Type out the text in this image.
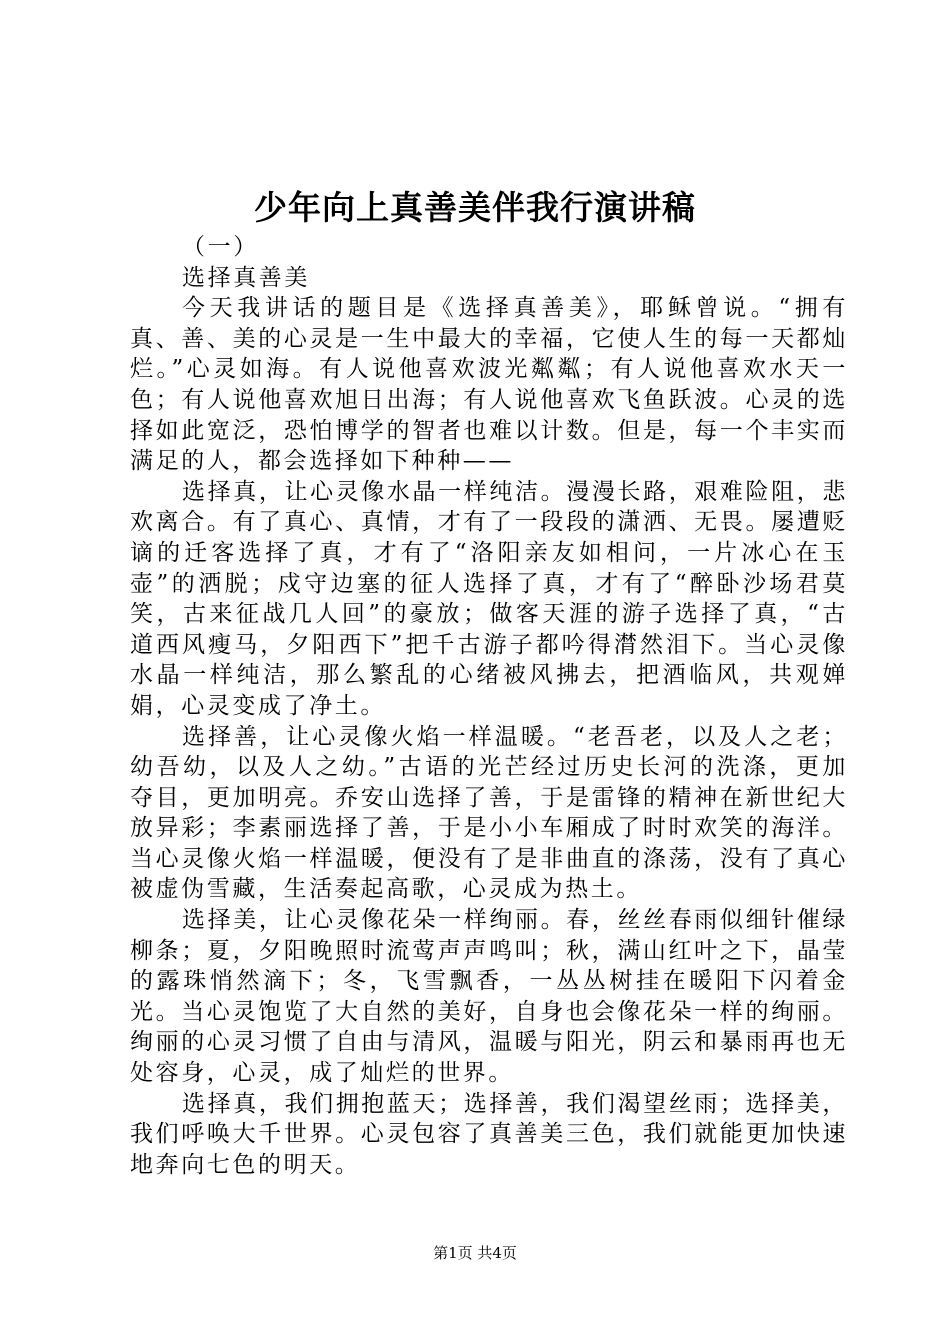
少年向上真善美伴我行演讲稿

（一）

选择真善美

今天我讲话的题目是《选择真善美》，耶稣曾说。“拥有真、善、美的心灵是一生中最大的幸福，它使人生的每一天都灿烂。”心灵如海。有人说他喜欢波光粼粼；有人说他喜欢水天一色；有人说他喜欢旭日出海；有人说他喜欢飞鱼跃波。心灵的选择如此宽泛，恐怕博学的智者也难以计数。但是，每一个丰实而满足的人，都会选择如下种种——

选择真，让心灵像水晶一样纯洁。漫漫长路，艰难险阻，悲欢离合。有了真心、真情，才有了一段段的潇洒、无畏。屡遭贬谪的迁客选择了真，才有了“洛阳亲友如相问，一片冰心在玉壶”的洒脱；戍守边塞的征人选择了真，才有了“醉卧沙场君莫笑，古来征战几人回”的豪放；做客天涯的游子选择了真，“古道西风瘦马，夕阳西下”把千古游子都吟得潸然泪下。当心灵像水晶一样纯洁，那么繁乱的心绪被风拂去，把酒临风，共观婵娟，心灵变成了净土。

选择善，让心灵像火焰一样温暖。“老吾老，以及人之老；幼吾幼，以及人之幼。”古语的光芒经过历史长河的洗涤，更加夺目，更加明亮。乔安山选择了善，于是雷锋的精神在新世纪大放异彩；李素丽选择了善，于是小小车厢成了时时欢笑的海洋。当心灵像火焰一样温暖，便没有了是非曲直的涤荡，没有了真心被虚伪雪藏，生活奏起高歌，心灵成为热土。

选择美，让心灵像花朵一样绚丽。春，丝丝春雨似细针催绿柳条；夏，夕阳晚照时流莺声声鸣叫；秋，满山红叶之下，晶莹的露珠悄然滴下；冬，飞雪飘香，一丛丛树挂在暖阳下闪着金光。当心灵饱览了大自然的美好，自身也会像花朵一样的绚丽。绚丽的心灵习惯了自由与清风，温暖与阳光，阴云和暴雨再也无处容身，心灵，成了灿烂的世界。

选择真，我们拥抱蓝天；选择善，我们渴望丝雨；选择美，我们呼唤大千世界。心灵包容了真善美三色，我们就能更加快速地奔向七色的明天。

第1页 共4页
